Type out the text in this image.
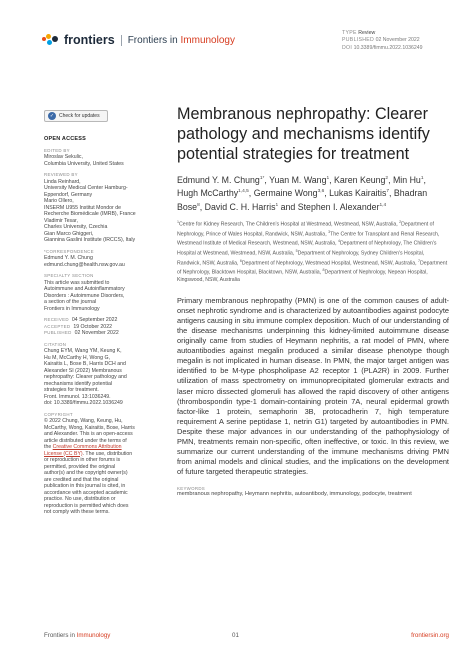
frontiers Frontiers in Immunology
TYPE Review
PUBLISHED 02 November 2022
DOI 10.3389/fimmu.2022.1036249
✓ Check for updates
OPEN ACCESS
EDITED BY
Miroslav Sekulic,
Columbia University, United States
REVIEWED BY
Linda Reinhard,
University Medical Center Hamburg-
Eppendorf, Germany
Mario Ollero,
INSERM U955 Institut Mondor de
Recherche Biomédicale (IMRB), France
Vladimir Tesar,
Charles University, Czechia
Gian Marco Ghiggeri,
Giannina Gaslini Institute (IRCCS), Italy
*CORRESPONDENCE
Edmund Y. M. Chung
edmund.chung@health.nsw.gov.au
SPECIALTY SECTION
This article was submitted to
Autoimmune and Autoinflammatory
Disorders : Autoimmune Disorders,
a section of the journal
Frontiers in Immunology
RECEIVED 04 September 2022
ACCEPTED 19 October 2022
PUBLISHED 02 November 2022
CITATION
Chung EYM, Wang YM, Keung K,
Hu M, McCarthy H, Wong G,
Kairaitis L, Bose B, Harris DCH and
Alexander SI (2022) Membranous
nephropathy: Clearer pathology and
mechanisms identify potential
strategies for treatment.
Front. Immunol. 13:1036249.
doi: 10.3389/fimmu.2022.1036249
COPYRIGHT
© 2022 Chung, Wang, Keung, Hu,
McCarthy, Wong, Kairaitis, Bose, Harris
and Alexander. This is an open-access
article distributed under the terms of
the Creative Commons Attribution
License (CC BY). The use, distribution
or reproduction in other forums is
permitted, provided the original
author(s) and the copyright owner(s)
are credited and that the original
publication in this journal is cited, in
accordance with accepted academic
practice. No use, distribution or
reproduction is permitted which does
not comply with these terms.
Membranous nephropathy: Clearer pathology and mechanisms identify potential strategies for treatment
Edmund Y. M. Chung$^{1*}$, Yuan M. Wang$^1$, Karen Keung$^2$, Min Hu$^1$, Hugh McCarthy$^{1,4,5}$, Germaine Wong$^{3,6}$, Lukas Kairaitis$^7$, Bhadran Bose$^8$, David C. H. Harris$^1$ and Stephen I. Alexander$^{1,4}$
$^1$Centre for Kidney Research, The Children's Hospital at Westmead, Westmead, NSW, Australia, $^2$Department of Nephrology, Prince of Wales Hospital, Randwick, NSW, Australia, $^3$The Centre for Transplant and Renal Research, Westmead Institute of Medical Research, Westmead, NSW, Australia, $^4$Department of Nephrology, The Children's Hospital at Westmead, Westmead, NSW, Australia, $^5$Department of Nephrology, Sydney Children's Hospital, Randwick, NSW, Australia, $^6$Department of Nephrology, Westmead Hospital, Westmead, NSW, Australia, $^7$Department of Nephrology, Blacktown Hospital, Blacktown, NSW, Australia, $^8$Department of Nephrology, Nepean Hospital, Kingswood, NSW, Australia

Primary membranous nephropathy (PMN) is one of the common causes of adult-onset nephrotic syndrome and is characterized by autoantibodies against podocyte antigens causing in situ immune complex deposition. Much of our understanding of the disease mechanisms underpinning this kidney-limited autoimmune disease originally came from studies of Heymann nephritis, a rat model of PMN, where autoantibodies against megalin produced a similar disease phenotype though megalin is not implicated in human disease. In PMN, the major target antigen was identified to be M-type phospholipase A2 receptor 1 (PLA2R) in 2009. Further utilization of mass spectrometry on immunoprecipitated glomerular extracts and laser micro dissected glomeruli has allowed the rapid discovery of other antigens (thrombospondin type-1 domain-containing protein 7A, neural epidermal growth factor-like 1 protein, semaphorin 3B, protocadherin 7, high temperature requirement A serine peptidase 1, netrin G1) targeted by autoantibodies in PMN. Despite these major advances in our understanding of the pathophysiology of PMN, treatments remain non-specific, often ineffective, or toxic. In this review, we summarize our current understanding of the immune mechanisms driving PMN from animal models and clinical studies, and the implications on the development of future targeted therapeutic strategies.

KEYWORDS
membranous nephropathy, Heymann nephritis, autoantibody, immunology, podocyte, treatment
Frontiers in Immunology	01	frontiersin.org
